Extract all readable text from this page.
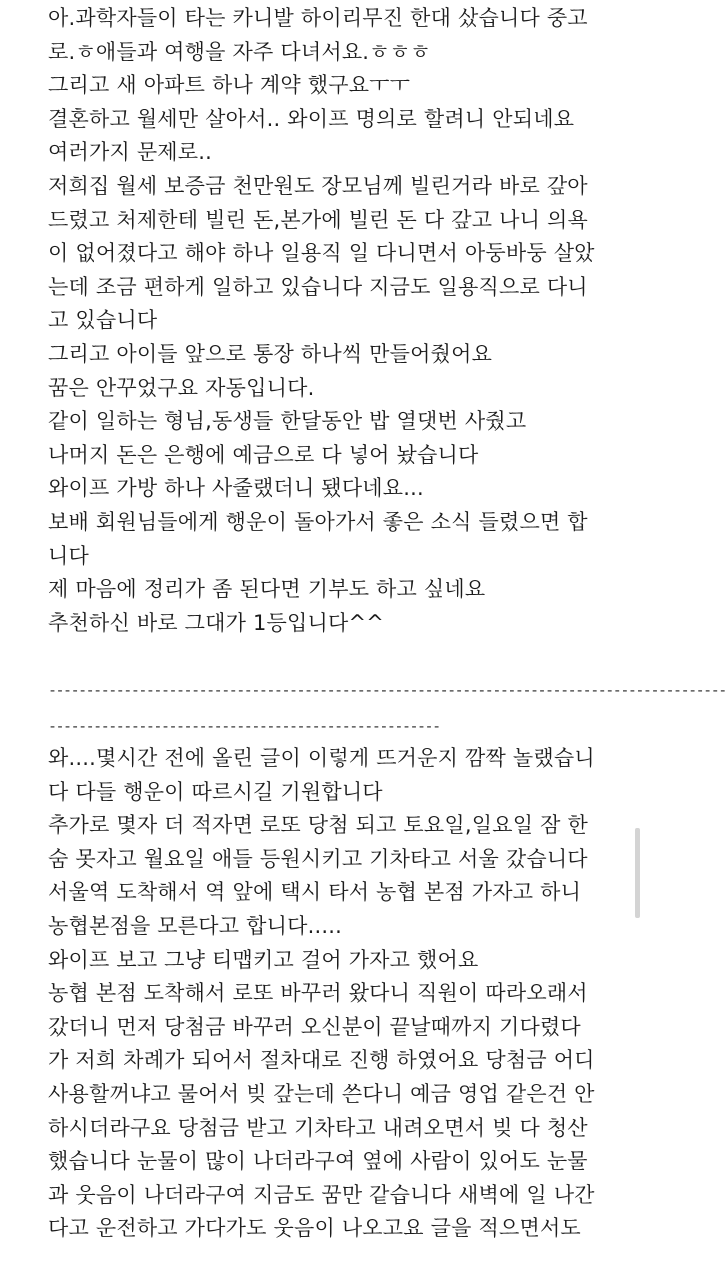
아.과학자들이 타는 카니발 하이리무진 한대 샀습니다 중고
로.ㅎ애들과 여행을 자주 다녀서요.ㅎㅎㅎ
그리고 새 아파트 하나 계약 했구요ㅜㅜ
결혼하고 월세만 살아서.. 와이프 명의로 할려니 안되네요
여러가지 문제로..
저희집 월세 보증금 천만원도 장모님께 빌린거라 바로 갚아
드렸고 처제한테 빌린 돈,본가에 빌린 돈 다 갚고 나니 의욕
이 없어졌다고 해야 하나 일용직 일 다니면서 아둥바둥 살았
는데 조금 편하게 일하고 있습니다 지금도 일용직으로 다니
고 있습니다
그리고 아이들 앞으로 통장 하나씩 만들어줬어요
꿈은 안꾸었구요 자동입니다.
같이 일하는 형님,동생들 한달동안 밥 열댓번 사줬고
나머지 돈은 은행에 예금으로 다 넣어 놨습니다
와이프 가방 하나 사줄랬더니 됐다네요...
보배 회원님들에게 행운이 돌아가서 좋은 소식 들렸으면 합
니다
제 마음에 정리가 좀 된다면 기부도 하고 싶네요
추천하신 바로 그대가 1등입니다^^
------------------------------------------------------------------------------------------
----------------------------------------------------
와....몇시간 전에 올린 글이 이렇게 뜨거운지 깜짝 놀랬습니
다 다들 행운이 따르시길 기원합니다
추가로 몇자 더 적자면 로또 당첨 되고 토요일,일요일 잠 한
숨 못자고 월요일 애들 등원시키고 기차타고 서울 갔습니다
서울역 도착해서 역 앞에 택시 타서 농협 본점 가자고 하니
농협본점을 모른다고 합니다.....
와이프 보고 그냥 티맵키고 걸어 가자고 했어요
농협 본점 도착해서 로또 바꾸러 왔다니 직원이 따라오래서
갔더니 먼저 당첨금 바꾸러 오신분이 끝날때까지 기다렸다
가 저희 차례가 되어서 절차대로 진행 하였어요 당첨금 어디
사용할꺼냐고 물어서 빚 갚는데 쓴다니 예금 영업 같은건 안
하시더라구요 당첨금 받고 기차타고 내려오면서 빚 다 청산
했습니다 눈물이 많이 나더라구여 옆에 사람이 있어도 눈물
과 웃음이 나더라구여 지금도 꿈만 같습니다 새벽에 일 나간
다고 운전하고 가다가도 웃음이 나오고요 글을 적으면서도
